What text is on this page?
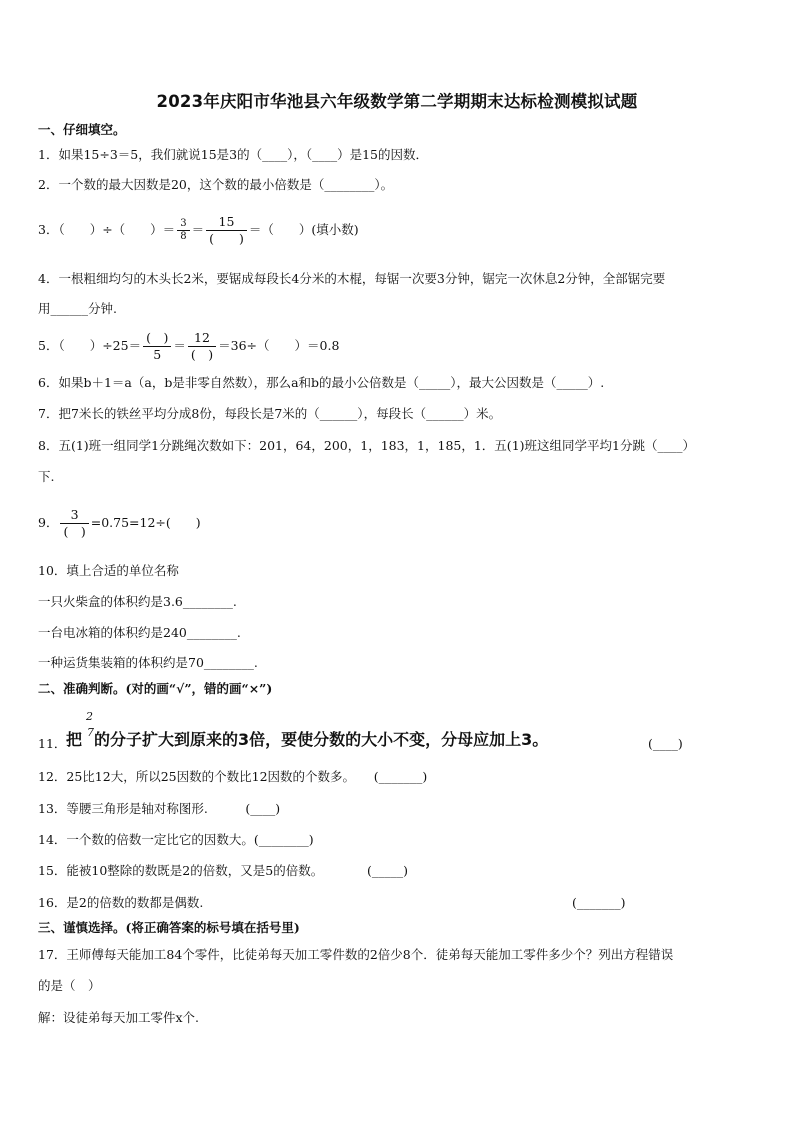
2023年庆阳市华池县六年级数学第二学期期末达标检测模拟试题
一、仔细填空。
1．如果15÷3＝5，我们就说15是3的（____），（____）是15的因数．
2．一个数的最大因数是20，这个数的最小倍数是（________）。
3．（　　）÷（　　）＝ $\frac{3}{8} = \frac{15}{( )}$ ＝（　　）(填小数)
4．一根粗细均匀的木头长2米，要锯成每段长4分米的木棍，每锯一次要3分钟，锯完一次休息2分钟，全部锯完要
用______分钟.
5．（　　）$\div 25= \frac{( )}{5} = \frac{12}{( )} =36\div$（　　）＝0.8
6．如果b＋1＝a（a，b是非零自然数），那么a和b的最小公倍数是（_____），最大公因数是（_____）.
7．把7米长的铁丝平均分成8份，每段长是7米的（______），每段长（______）米。
8．五(1)班一组同学1分跳绳次数如下：201，64，200，1，183，1，185，1．五(1)班这组同学平均1分跳（____）
下.
9． $\frac{3}{( )} =0.75=12\div$(　　)
10．填上合适的单位名称
一只火柴盒的体积约是3.6________.
一台电冰箱的体积约是240________.
一种运货集装箱的体积约是70________.
二、准确判断。(对的画“√”，错的画“×”)
2
7
11． 把 的分子扩大到原来的3倍，要使分数的大小不变，分母应加上3。	(____)
12．25比12大，所以25因数的个数比12因数的个数多。　　(_______)
13．等腰三角形是轴对称图形.　　　(____)
14．一个数的倍数一定比它的因数大。(________)
15．能被10整除的数既是2的倍数，又是5的倍数。　　　　(_____)
16．是2的倍数的数都是偶数.	(_______)
三、谨慎选择。(将正确答案的标号填在括号里)
17．王师傅每天能加工84个零件，比徒弟每天加工零件数的2倍少8个．徒弟每天能加工零件多少个？列出方程错误
的是（　）
解：设徒弟每天加工零件x个.
